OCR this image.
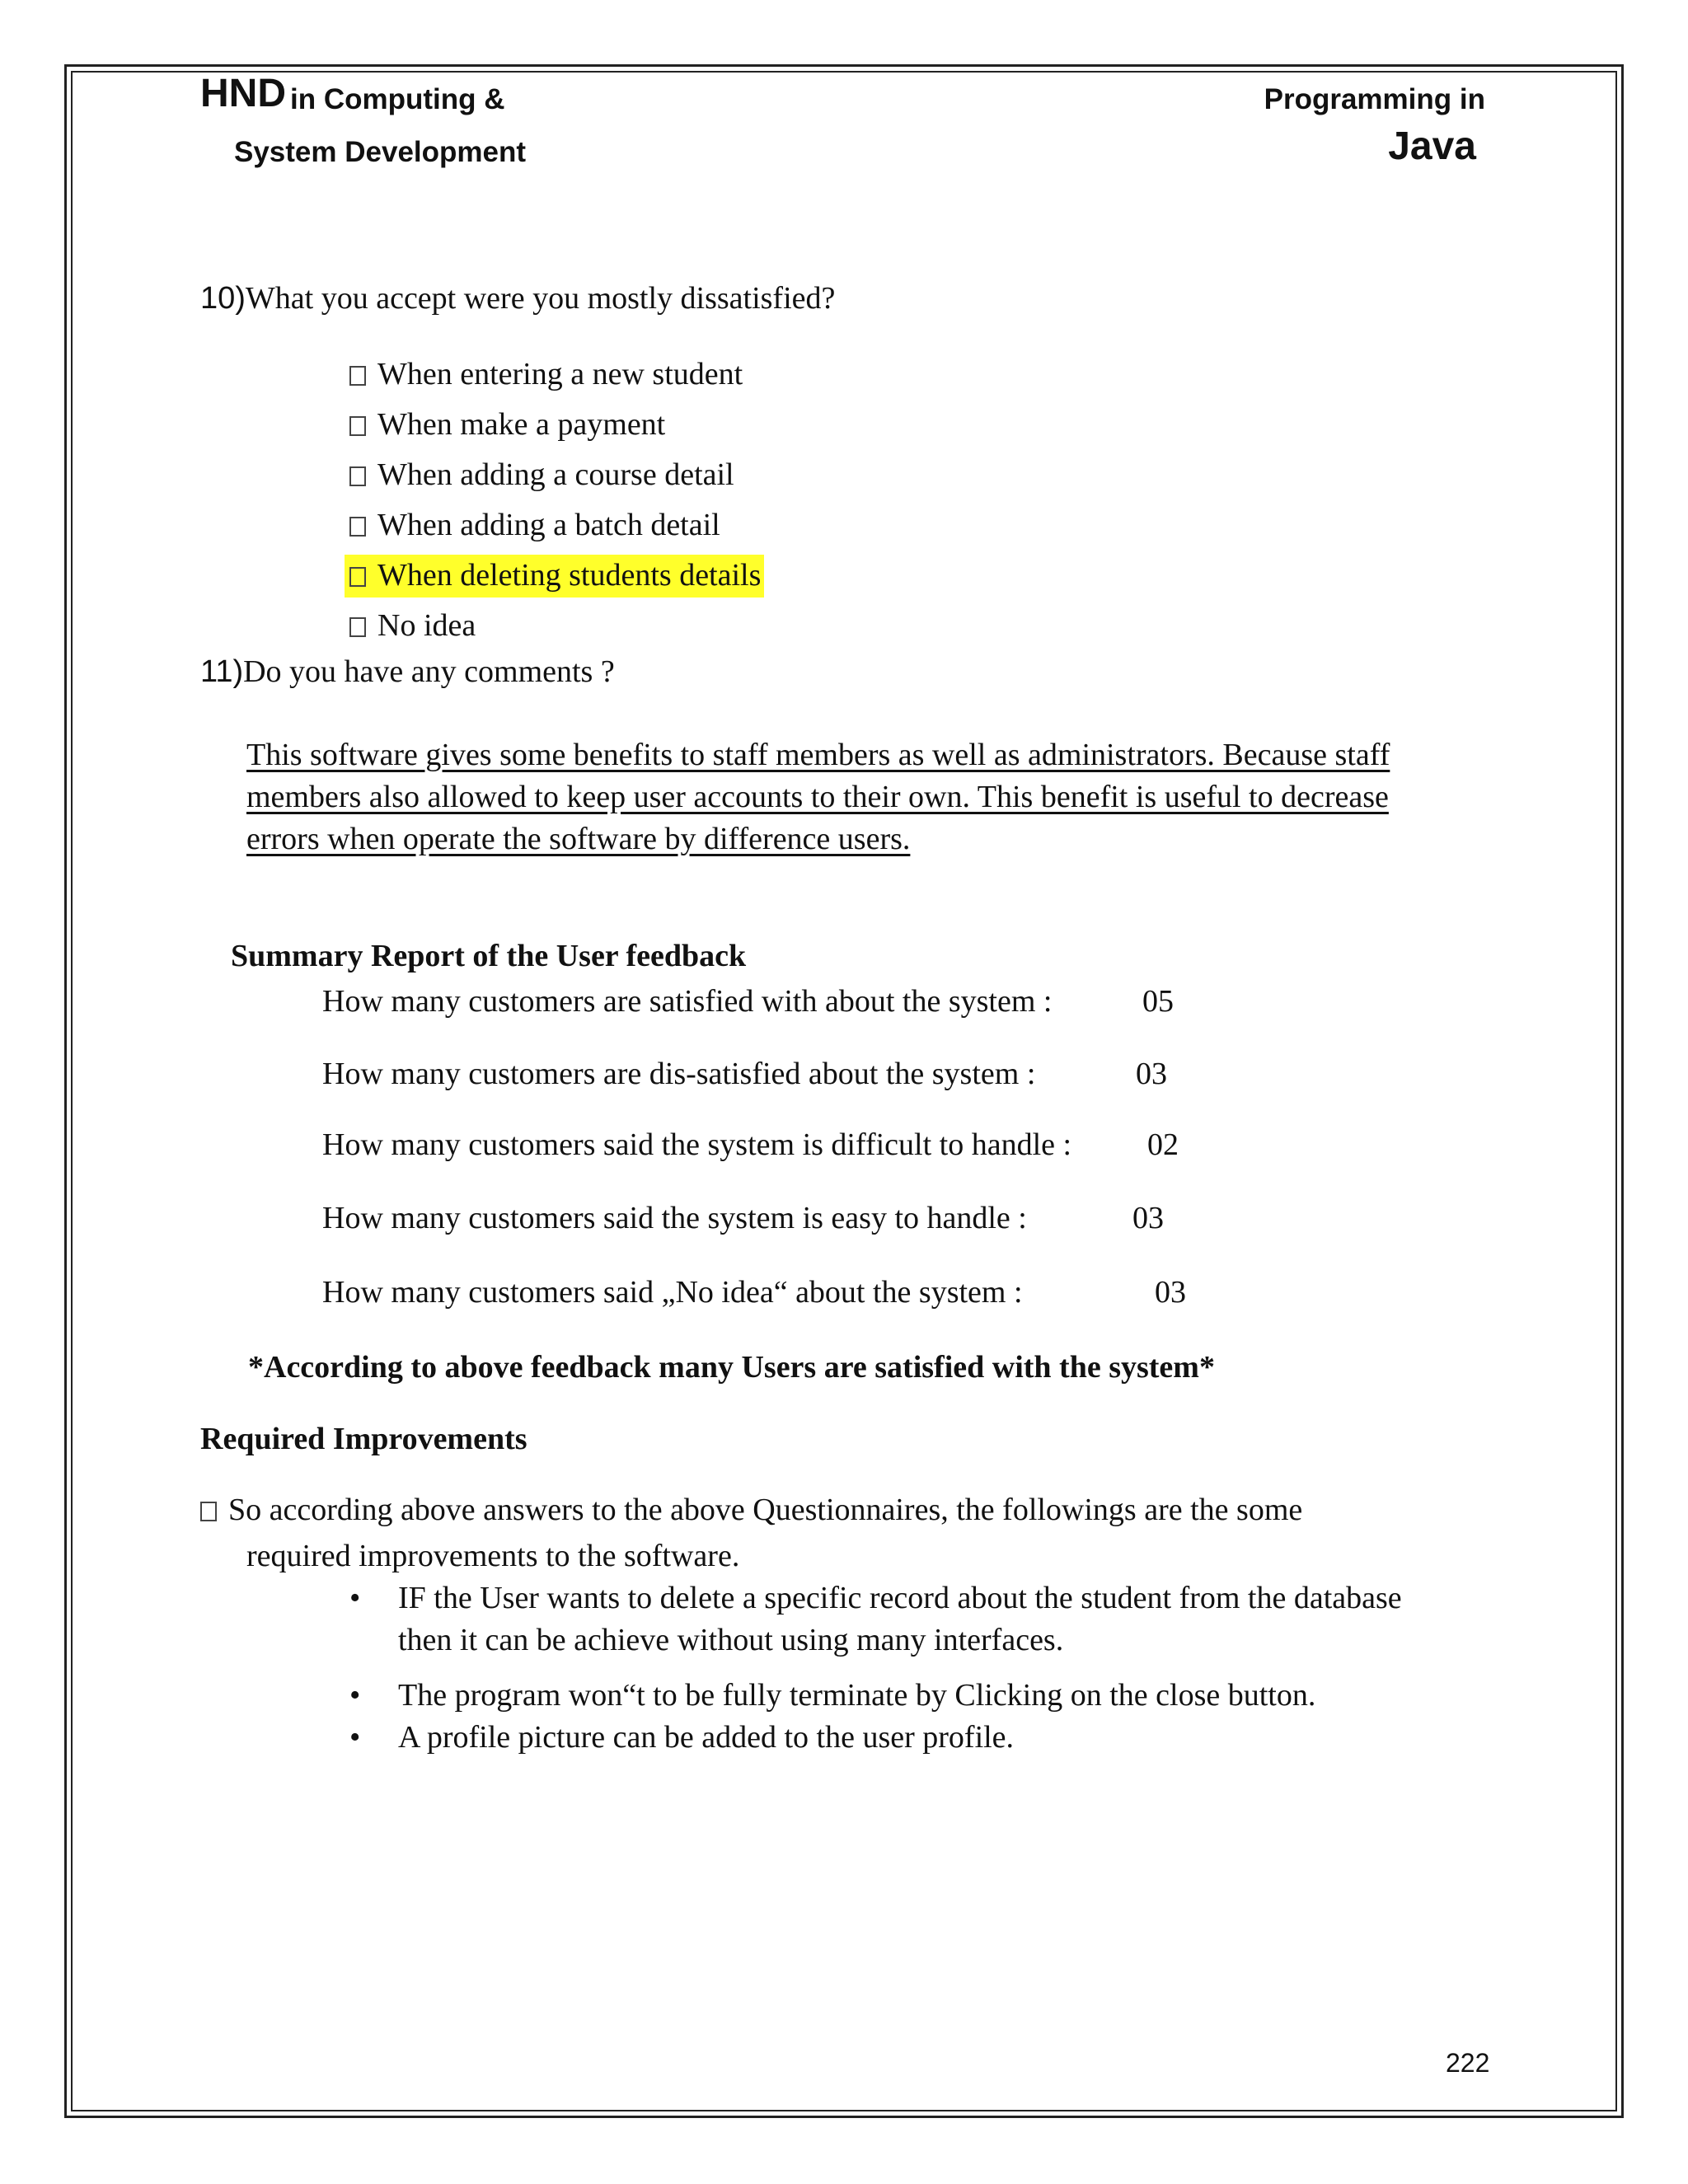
HND in Computing &
System Development
Programming in
Java
10)What you accept were you mostly dissatisfied?
When entering a new student
When make a payment
When adding a course detail
When adding a batch detail
When deleting students details
No idea
11)Do you have any comments ?
This software gives some benefits to staff members as well as administrators. Because staff
members also allowed to keep user accounts to their own. This benefit is useful to decrease
errors when operate the software by difference users.
Summary Report of the User feedback
How many customers are satisfied with about the system :	05
How many customers are dis-satisfied about the system :	03
How many customers said the system is difficult to handle : 02
How many customers said the system is easy to handle :	03
How many customers said „No idea“ about the system :	03
*According to above feedback many Users are satisfied with the system*
Required Improvements
So according above answers to the above Questionnaires, the followings are the some
required improvements to the software.
• IF the User wants to delete a specific record about the student from the database
then it can be achieve without using many interfaces.
• The program won“t to be fully terminate by Clicking on the close button.
• A profile picture can be added to the user profile.
222
